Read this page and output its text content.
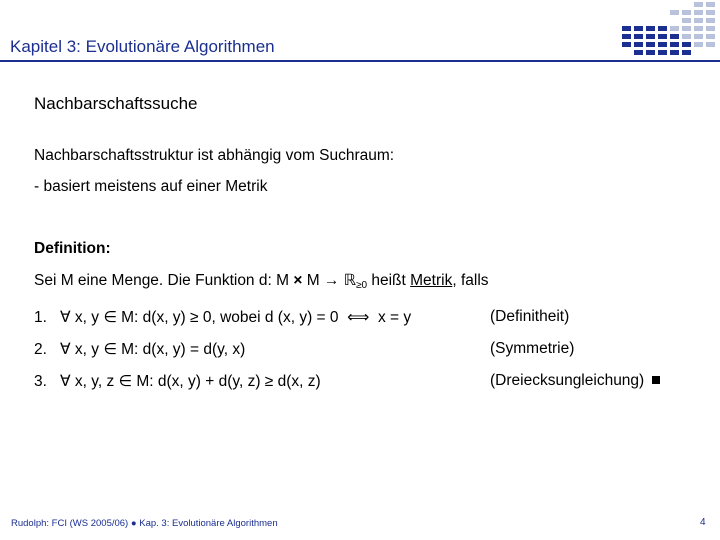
Kapitel 3: Evolutionäre Algorithmen
Nachbarschaftssuche
Nachbarschaftsstruktur ist abhängig vom Suchraum:
- basiert meistens auf einer Metrik
Definition:
Sei M eine Menge. Die Funktion d: M × M → ℝ$_{\ge 0}$ heißt Metrik, falls
1. ∀ x, y ∈ M: d(x, y) ≥ 0, wobei d (x, y) = 0  ⟺  x = y	(Definitheit)
2. ∀ x, y ∈ M: d(x, y) = d(y, x)	(Symmetrie)
3. ∀ x, y, z ∈ M: d(x, y) + d(y, z) ≥ d(x, z)	(Dreiecksungleichung)
Rudolph: FCI (WS 2005/06) ● Kap. 3: Evolutionäre Algorithmen	4
